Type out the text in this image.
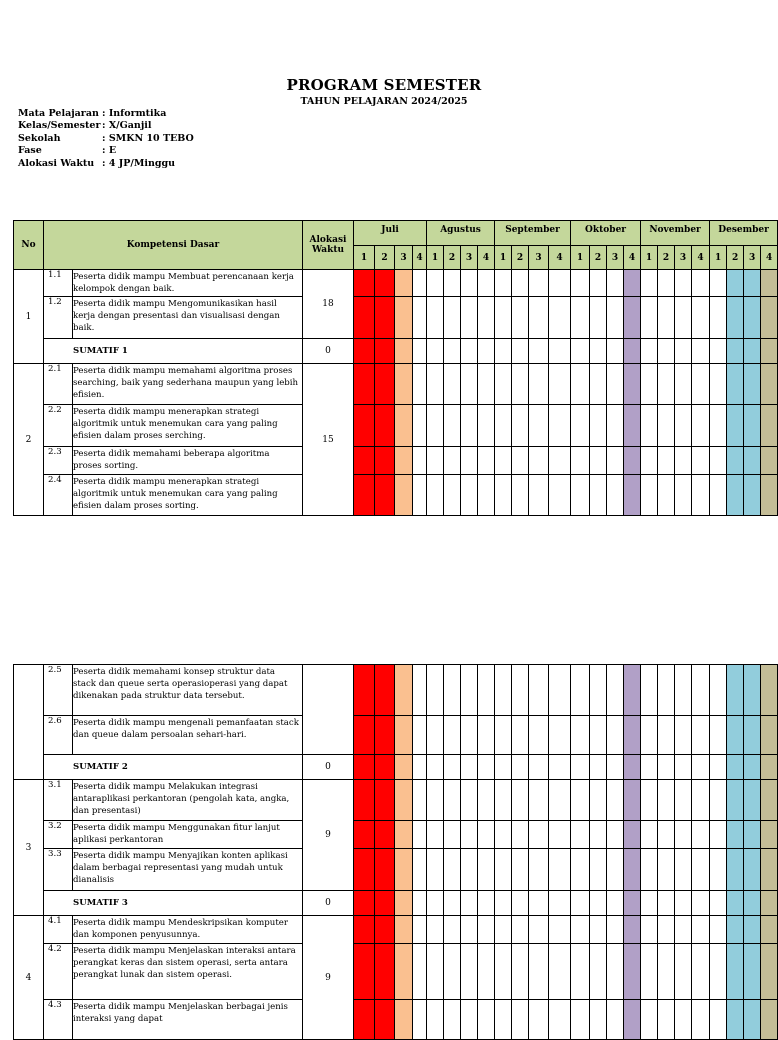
PROGRAM SEMESTER
TAHUN PELAJARAN 2024/2025
Mata Pelajaran : Informtika
Kelas/Semester : X/Ganjil
Sekolah	: SMKN 10 TEBO
Fase	: E
Alokasi Waktu : 4 JP/Minggu
No	Kompetensi Dasar		Alokasi Waktu	Juli				Agustus				September				Oktober				November				Desember			
				1	2	3	4	1	2	3	4	1	2	3	4	1	2	3	4	1	2	3	4	1	2	3	4
1	1.1	Peserta didik mampu Membuat perencanaan kerja kelompok dengan baik.	18																								
	1.2	Peserta didik mampu Mengomunikasikan hasil kerja dengan presentasi dan visualisasi dengan baik.																									
	SUMATIF 1		0																								
2	2.1	Peserta didik mampu memahami algoritma proses searching, baik yang sederhana maupun yang lebih efisien.	15																								
	2.2	Peserta didik mampu menerapkan strategi algoritmik untuk menemukan cara yang paling efisien dalam proses serching.																									
	2.3	Peserta didik memahami beberapa algoritma proses sorting.																									
	2.4	Peserta didik mampu menerapkan strategi algoritmik untuk menemukan cara yang paling efisien dalam proses sorting.																									
	2.5	Peserta didik memahami konsep struktur data stack dan queue serta operasioperasi yang dapat dikenakan pada struktur data tersebut.																									
	2.6	Peserta didik mampu mengenali pemanfaatan stack dan queue dalam persoalan sehari-hari.																									
	SUMATIF 2		0																								
3	3.1	Peserta didik mampu Melakukan integrasi antaraplikasi perkantoran (pengolah kata, angka, dan presentasi)	9																								
	3.2	Peserta didik mampu Menggunakan fitur lanjut aplikasi perkantoran																									
	3.3	Peserta didik mampu Menyajikan konten aplikasi dalam berbagai representasi yang mudah untuk dianalisis																									
	SUMATIF 3		0																								
4	4.1	Peserta didik mampu Mendeskripsikan komputer dan komponen penyusunnya.	9																								
	4.2	Peserta didik mampu Menjelaskan interaksi antara perangkat keras dan sistem operasi, serta antara perangkat lunak dan sistem operasi.																									
	4.3	Peserta didik mampu Menjelaskan berbagai jenis interaksi yang dapat																									
